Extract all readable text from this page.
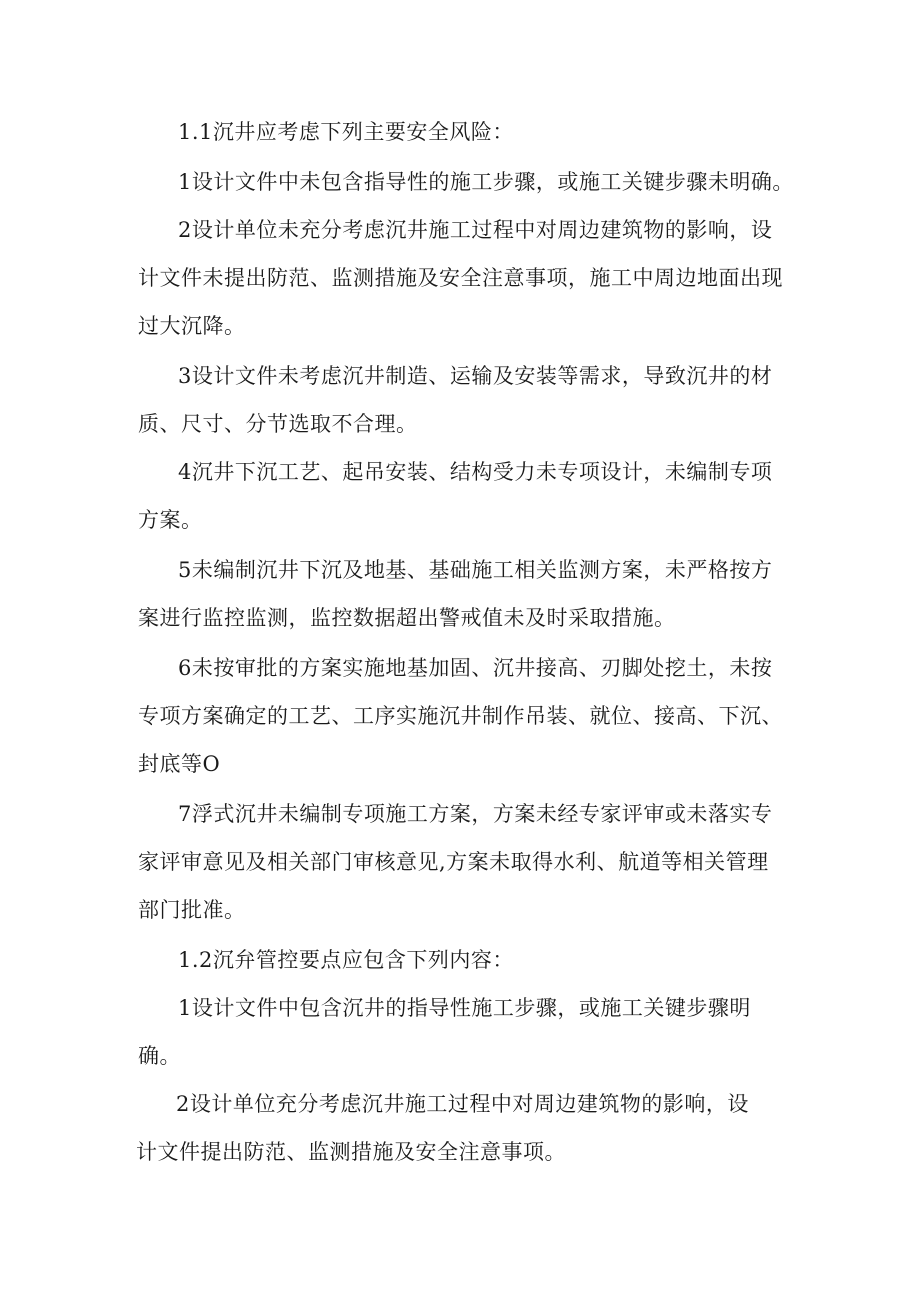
1.1沉井应考虑下列主要安全风险：
1设计文件中未包含指导性的施工步骤，或施工关键步骤未明确。
2设计单位未充分考虑沉井施工过程中对周边建筑物的影响，设
计文件未提出防范、监测措施及安全注意事项，施工中周边地面出现
过大沉降。
3设计文件未考虑沉井制造、运输及安装等需求，导致沉井的材
质、尺寸、分节选取不合理。
4沉井下沉工艺、起吊安装、结构受力未专项设计，未编制专项
方案。
5未编制沉井下沉及地基、基础施工相关监测方案，未严格按方
案进行监控监测，监控数据超出警戒值未及时采取措施。
6未按审批的方案实施地基加固、沉井接高、刃脚处挖土，未按
专项方案确定的工艺、工序实施沉井制作吊装、就位、接高、下沉、
封底等O
7浮式沉井未编制专项施工方案，方案未经专家评审或未落实专
家评审意见及相关部门审核意见,方案未取得水利、航道等相关管理
部门批准。
1.2沉弁管控要点应包含下列内容：
1设计文件中包含沉井的指导性施工步骤，或施工关键步骤明
确。
2设计单位充分考虑沉井施工过程中对周边建筑物的影响，设
计文件提出防范、监测措施及安全注意事项。
